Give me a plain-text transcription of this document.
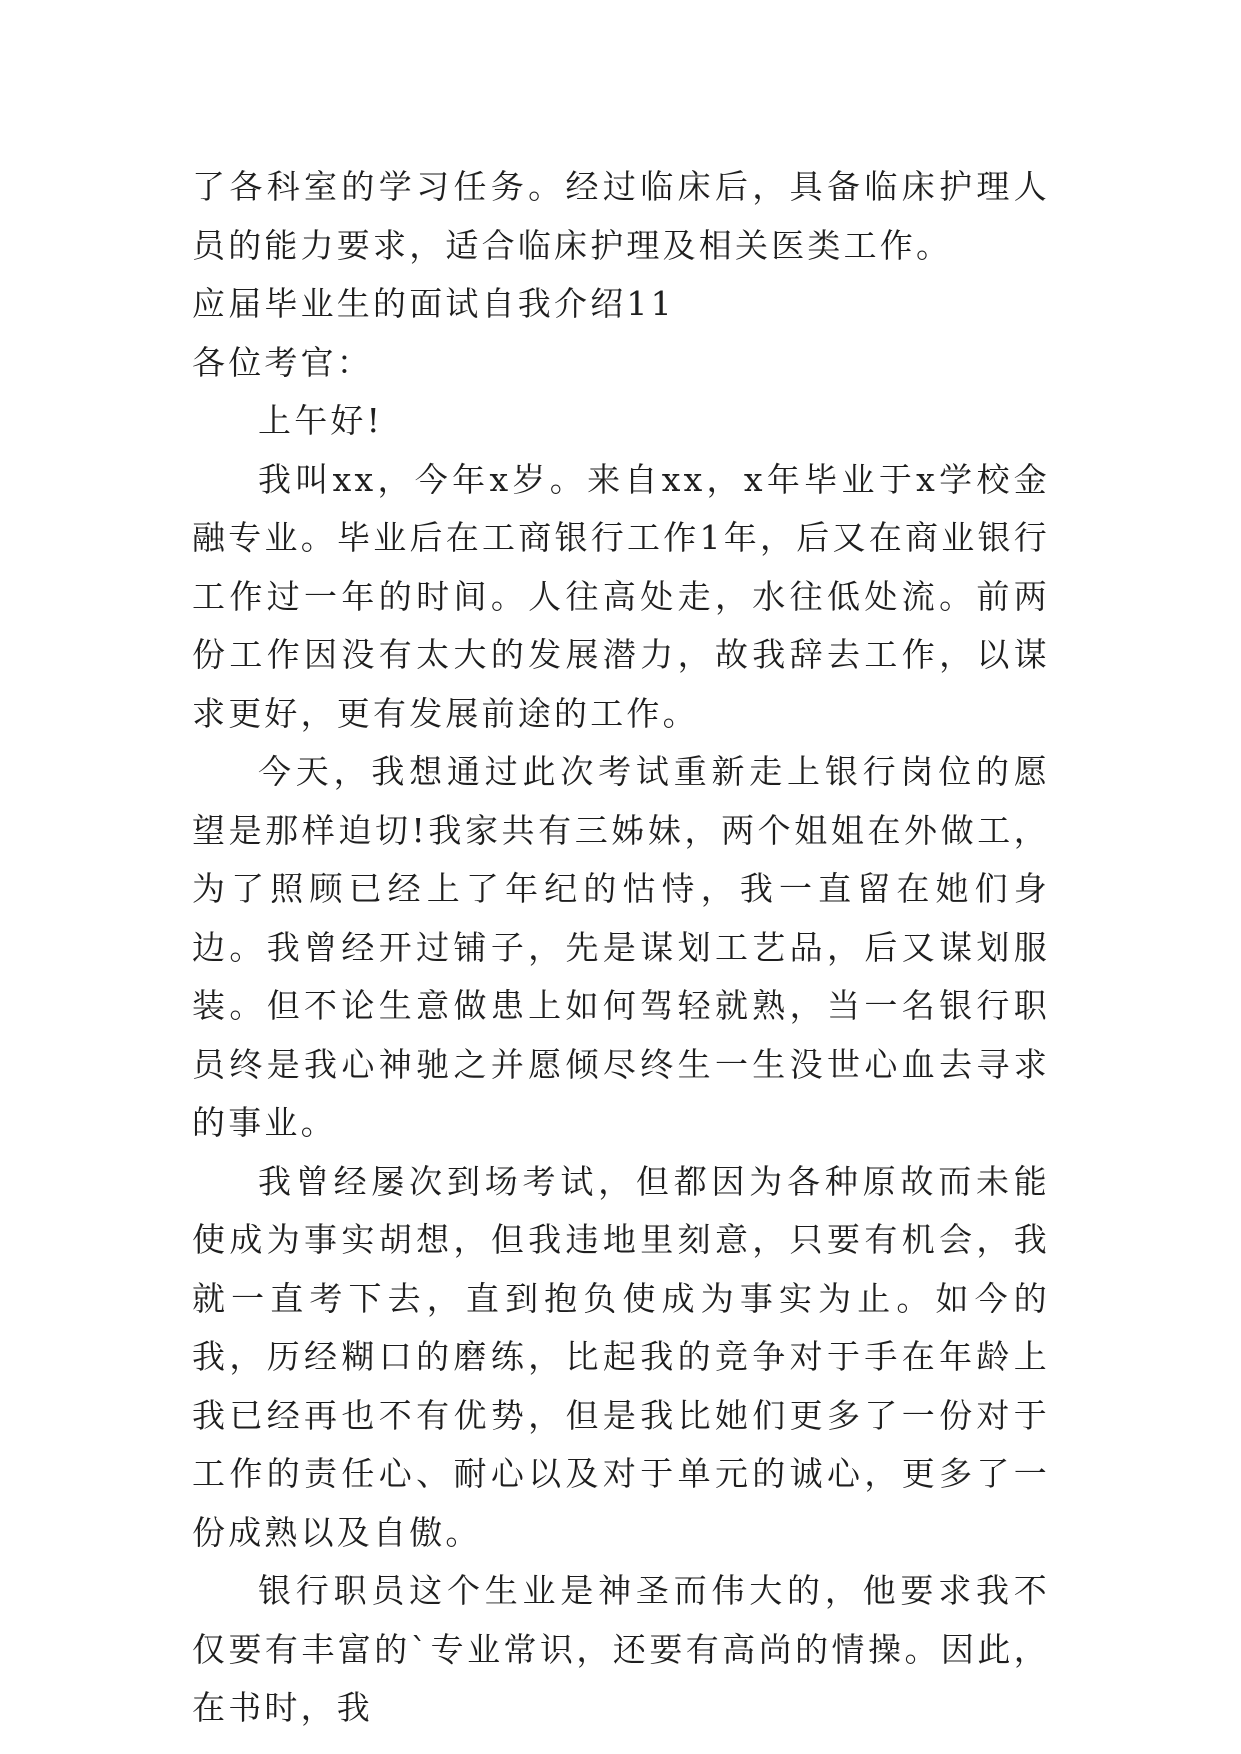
了各科室的学习任务。经过临床后，具备临床护理人员的能力要求，适合临床护理及相关医类工作。

应届毕业生的面试自我介绍11

各位考官：

上午好!

我叫xx，今年x岁。来自xx，x年毕业于x学校金融专业。毕业后在工商银行工作1年，后又在商业银行工作过一年的时间。人往高处走，水往低处流。前两份工作因没有太大的发展潜力，故我辞去工作，以谋求更好，更有发展前途的工作。

今天，我想通过此次考试重新走上银行岗位的愿望是那样迫切!我家共有三姊妹，两个姐姐在外做工，为了照顾已经上了年纪的怙恃，我一直留在她们身边。我曾经开过铺子，先是谋划工艺品，后又谋划服装。但不论生意做患上如何驾轻就熟，当一名银行职员终是我心神驰之并愿倾尽终生一生没世心血去寻求的事业。

我曾经屡次到场考试，但都因为各种原故而未能使成为事实胡想，但我违地里刻意，只要有机会，我就一直考下去，直到抱负使成为事实为止。如今的我，历经糊口的磨练，比起我的竞争对于手在年龄上我已经再也不有优势，但是我比她们更多了一份对于工作的责任心、耐心以及对于单元的诚心，更多了一份成熟以及自傲。

银行职员这个生业是神圣而伟大的，他要求我不仅要有丰富的`专业常识，还要有高尚的情操。因此，在书时，我
